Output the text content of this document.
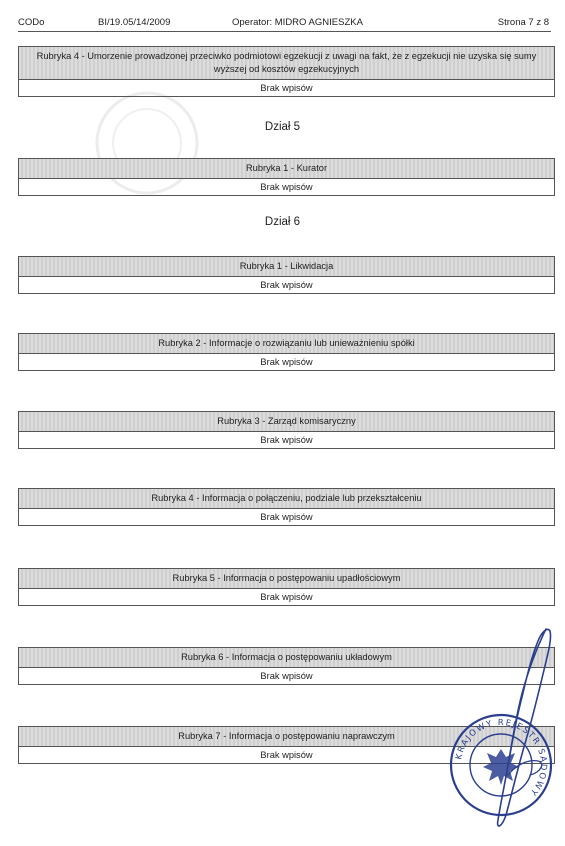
CODo	BI/19.05/14/2009	Operator: MIDRO AGNIESZKA	Strona 7 z 8
Rubryka 4 - Umorzenie prowadzonej przeciwko podmiotowi egzekucji z uwagi na fakt, że z egzekucji nie uzyska się sumy wyższej od kosztów egzekucyjnych
Brak wpisów
Dział 5
Rubryka 1 - Kurator
Brak wpisów
Dział 6
Rubryka 1 - Likwidacja
Brak wpisów
Rubryka 2 - Informacje o rozwiązaniu lub unieważnieniu spółki
Brak wpisów
Rubryka 3 - Zarząd komisaryczny
Brak wpisów
Rubryka 4 - Informacja o połączeniu, podziale lub przekształceniu
Brak wpisów
Rubryka 5 - Informacja o postępowaniu upadłościowym
Brak wpisów
Rubryka 6 - Informacja o postępowaniu układowym
Brak wpisów
Rubryka 7 - Informacja o postępowaniu naprawczym
Brak wpisów	KRAJOWY REJESTR SĄDOWY
